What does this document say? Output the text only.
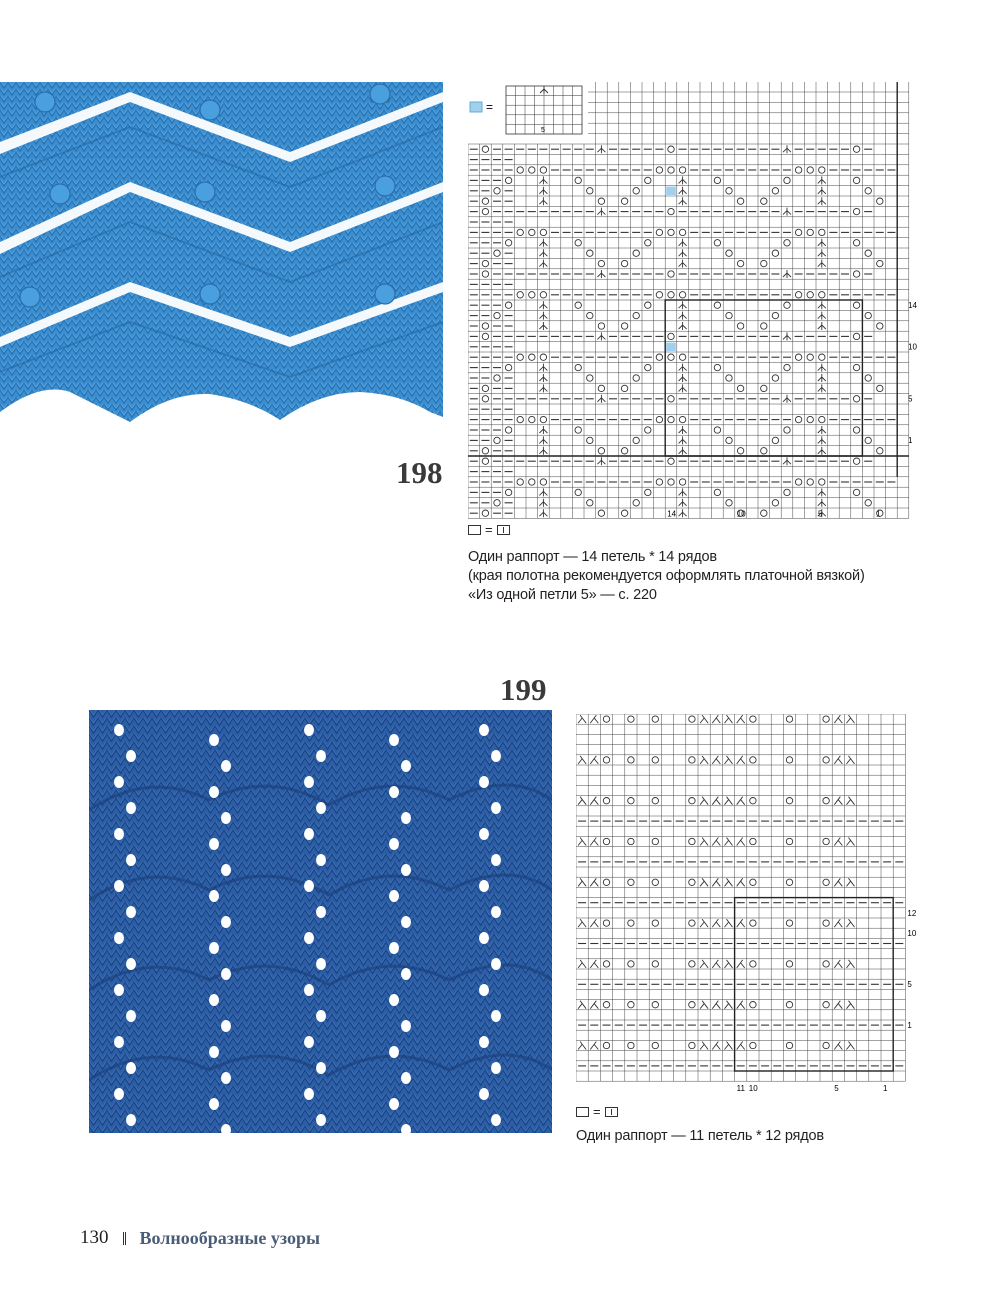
198
=
5
14
10
5
1
14	10	5	1
=
Один раппорт — 14 петель * 14 рядов
(края полотна рекомендуется оформлять платочной вязкой)
«Из одной петли 5» — с. 220
199
12
10
5
1
11 10	5	1
=
Один раппорт — 11 петель * 12 рядов
130 Волнообразные узоры
